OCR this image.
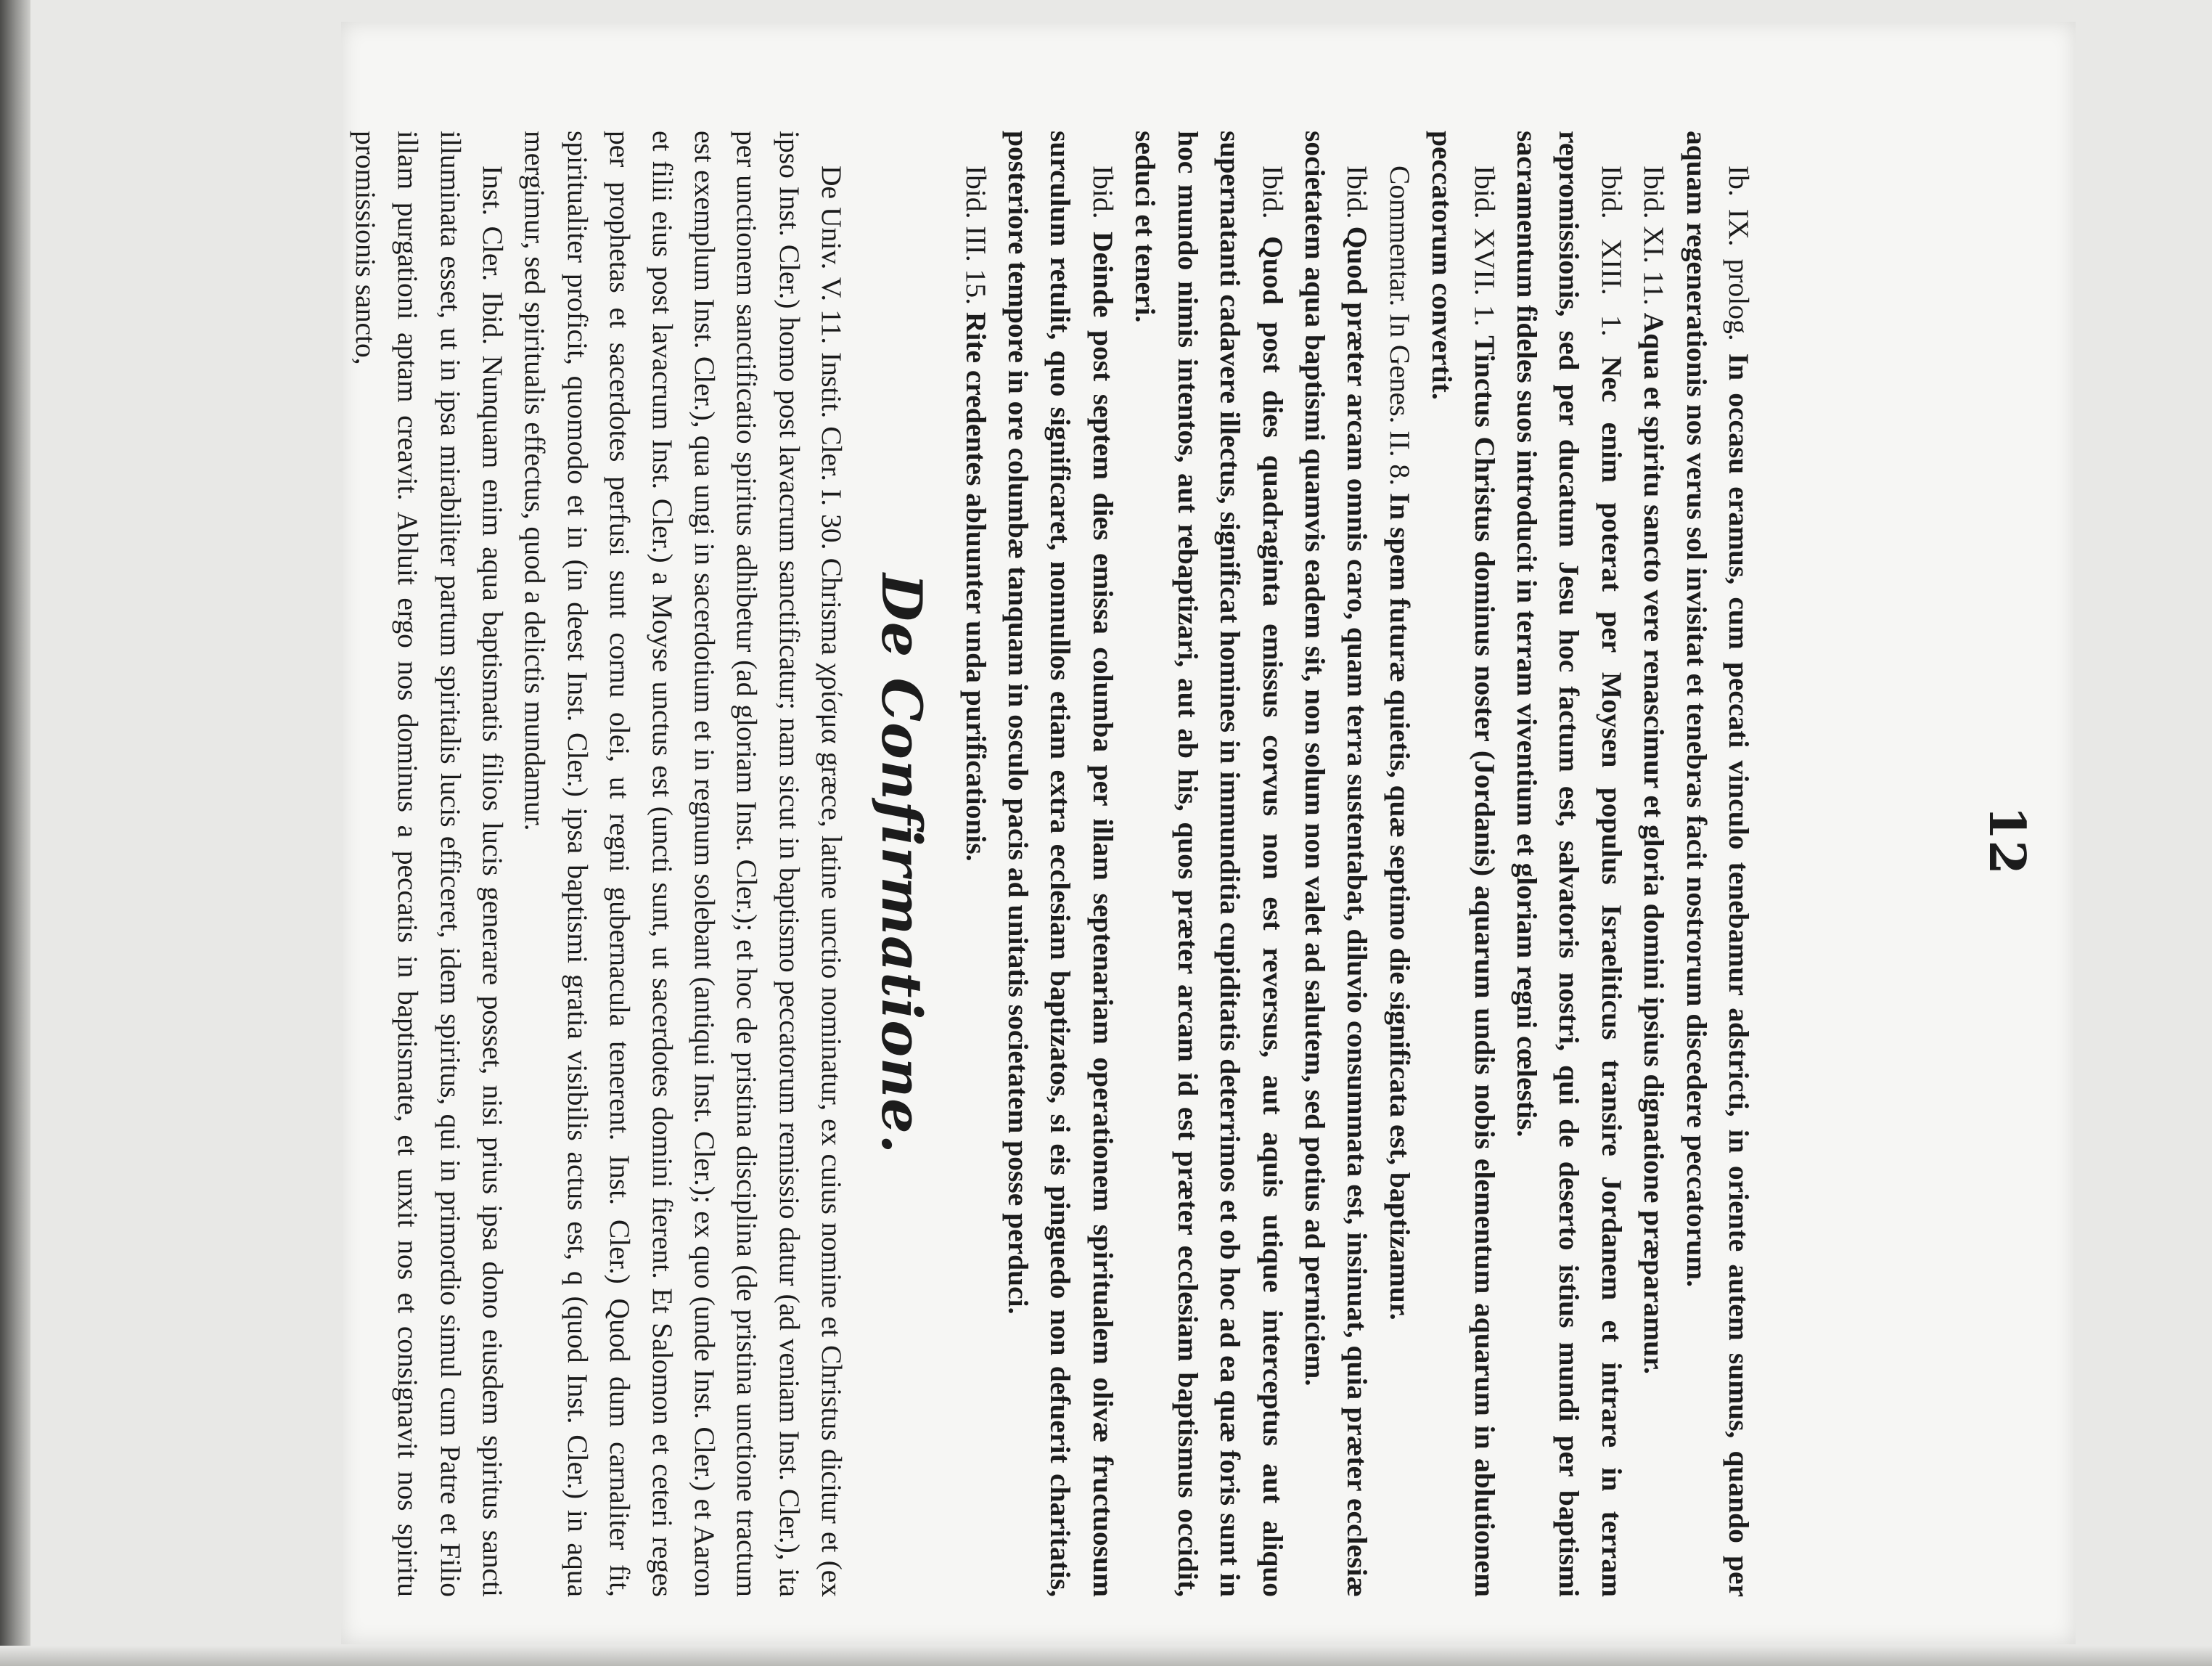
12

Ib. IX. prolog. In occasu eramus, cum peccati vinculo tenebamur adstricti, in oriente autem sumus, quando per aquam regenerationis nos verus sol invisitat et tenebras facit nostrorum discedere peccatorum.

Ibid. XI. 11. Aqua et spiritu sancto vere renascimur et gloria domini ipsius dignatione præparamur.

Ibid. XIII. 1. Nec enim poterat per Moysen populus Israeliticus transire Jordanem et intrare in terram repromissionis, sed per ducatum Jesu hoc factum est, salvatoris nostri, qui de deserto istius mundi per baptismi sacramentum fideles suos introducit in terram viventium et gloriam regni cœlestis.

Ibid. XVII. 1. Tinctus Christus dominus noster (Jordanis) aquarum undis nobis elementum aquarum in ablutionem peccatorum convertit.

Commentar. In Genes. II. 8. In spem futuræ quietis, quæ septimo die significata est, baptizamur.

Ibid. Quod præter arcam omnis caro, quam terra sustentabat, diluvio consummata est, insinuat, quia præter ecclesiæ societatem aqua baptismi quamvis eadem sit, non solum non valet ad salutem, sed potius ad perniciem.

Ibid. Quod post dies quadraginta emissus corvus non est reversus, aut aquis utique interceptus aut aliquo supernatanti cadavere illectus, significat homines in immunditia cupiditatis deterrimos et ob hoc ad ea quæ foris sunt in hoc mundo nimis intentos, aut rebaptizari, aut ab his, quos præter arcam id est præter ecclesiam baptismus occidit, seduci et teneri.

Ibid. Deinde post septem dies emissa columba per illam septenariam operationem spiritualem olivæ fructuosum surculum retulit, quo significaret, nonnullos etiam extra ecclesiam baptizatos, si eis pinguedo non defuerit charitatis, posteriore tempore in ore columbæ tanquam in osculo pacis ad unitatis societatem posse perduci.

Ibid. III. 15. Rite credentes abluunter unda purificationis.

De Confirmatione.

De Univ. V. 11. Instit. Cler. I. 30. Chrisma χρίσμα græce, latine unctio nominatur, ex cuius nomine et Christus dicitur et (ex ipso Inst. Cler.) homo post lavacrum sanctificatur; nam sicut in baptismo peccatorum remissio datur (ad veniam Inst. Cler.), ita per unctionem sanctificatio spiritus adhibetur (ad gloriam Inst. Cler.); et hoc de pristina disciplina (de pristina unctione tractum est exemplum Inst. Cler.), qua ungi in sacerdotium et in regnum solebant (antiqui Inst. Cler.); ex quo (unde Inst. Cler.) et Aaron et filii eius post lavacrum Inst. Cler.) a Moyse unctus est (uncti sunt, ut sacerdotes domini fierent. Et Salomon et ceteri reges per prophetas et sacerdotes perfusi sunt cornu olei, ut regni gubernacula tenerent. Inst. Cler.) Quod dum carnaliter fit, spiritualiter proficit, quomodo et in (in deest Inst. Cler.) ipsa baptismi gratia visibilis actus est, q (quod Inst. Cler.) in aqua mergimur, sed spiritualis effectus, quod a delictis mundamur.

Inst. Cler. Ibid. Nunquam enim aqua baptismatis filios lucis generare posset, nisi prius ipsa dono eiusdem spiritus sancti illuminata esset, ut in ipsa mirabiliter partum spiritalis lucis efficeret, idem spiritus, qui in primordio simul cum Patre et Filio illam purgationi aptam creavit. Abluit ergo nos dominus a peccatis in baptismate, et unxit nos et consignavit nos spiritu promissionis sancto,
